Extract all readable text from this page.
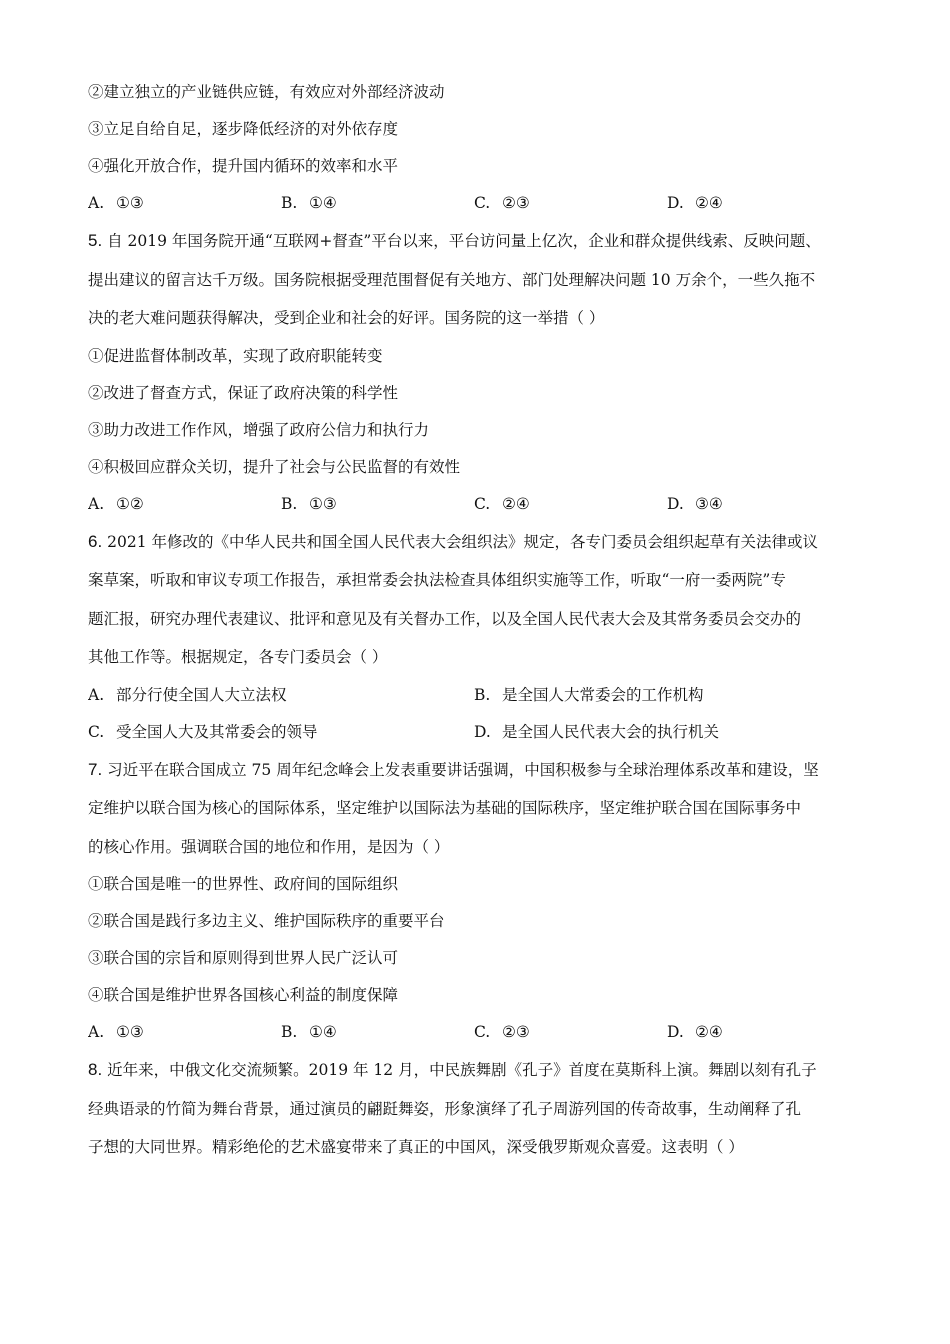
②建立独立的产业链供应链，有效应对外部经济波动
③立足自给自足，逐步降低经济的对外依存度
④强化开放合作，提升国内循环的效率和水平
A. ①③	B. ①④	C. ②③	D. ②④
5. 自 2019 年国务院开通“互联网+督查”平台以来，平台访问量上亿次，企业和群众提供线索、反映问题、
提出建议的留言达千万级。国务院根据受理范围督促有关地方、部门处理解决问题 10 万余个，一些久拖不
决的老大难问题获得解决，受到企业和社会的好评。国务院的这一举措（ ）
①促进监督体制改革，实现了政府职能转变
②改进了督查方式，保证了政府决策的科学性
③助力改进工作作风，增强了政府公信力和执行力
④积极回应群众关切，提升了社会与公民监督的有效性
A. ①②	B. ①③	C. ②④	D. ③④
6. 2021 年修改的《中华人民共和国全国人民代表大会组织法》规定，各专门委员会组织起草有关法律或议
案草案，听取和审议专项工作报告，承担常委会执法检查具体组织实施等工作，听取“一府一委两院”专
题汇报，研究办理代表建议、批评和意见及有关督办工作，以及全国人民代表大会及其常务委员会交办的
其他工作等。根据规定，各专门委员会（ ）
A. 部分行使全国人大立法权	B. 是全国人大常委会的工作机构
C. 受全国人大及其常委会的领导	D. 是全国人民代表大会的执行机关
7. 习近平在联合国成立 75 周年纪念峰会上发表重要讲话强调，中国积极参与全球治理体系改革和建设，坚
定维护以联合国为核心的国际体系，坚定维护以国际法为基础的国际秩序，坚定维护联合国在国际事务中
的核心作用。强调联合国的地位和作用，是因为（ ）
①联合国是唯一的世界性、政府间的国际组织
②联合国是践行多边主义、维护国际秩序的重要平台
③联合国的宗旨和原则得到世界人民广泛认可
④联合国是维护世界各国核心利益的制度保障
A. ①③	B. ①④	C. ②③	D. ②④
8. 近年来，中俄文化交流频繁。2019 年 12 月，中民族舞剧《孔子》首度在莫斯科上演。舞剧以刻有孔子
经典语录的竹简为舞台背景，通过演员的翩跹舞姿，形象演绎了孔子周游列国的传奇故事，生动阐释了孔
子想的大同世界。精彩绝伦的艺术盛宴带来了真正的中国风，深受俄罗斯观众喜爱。这表明（ ）
